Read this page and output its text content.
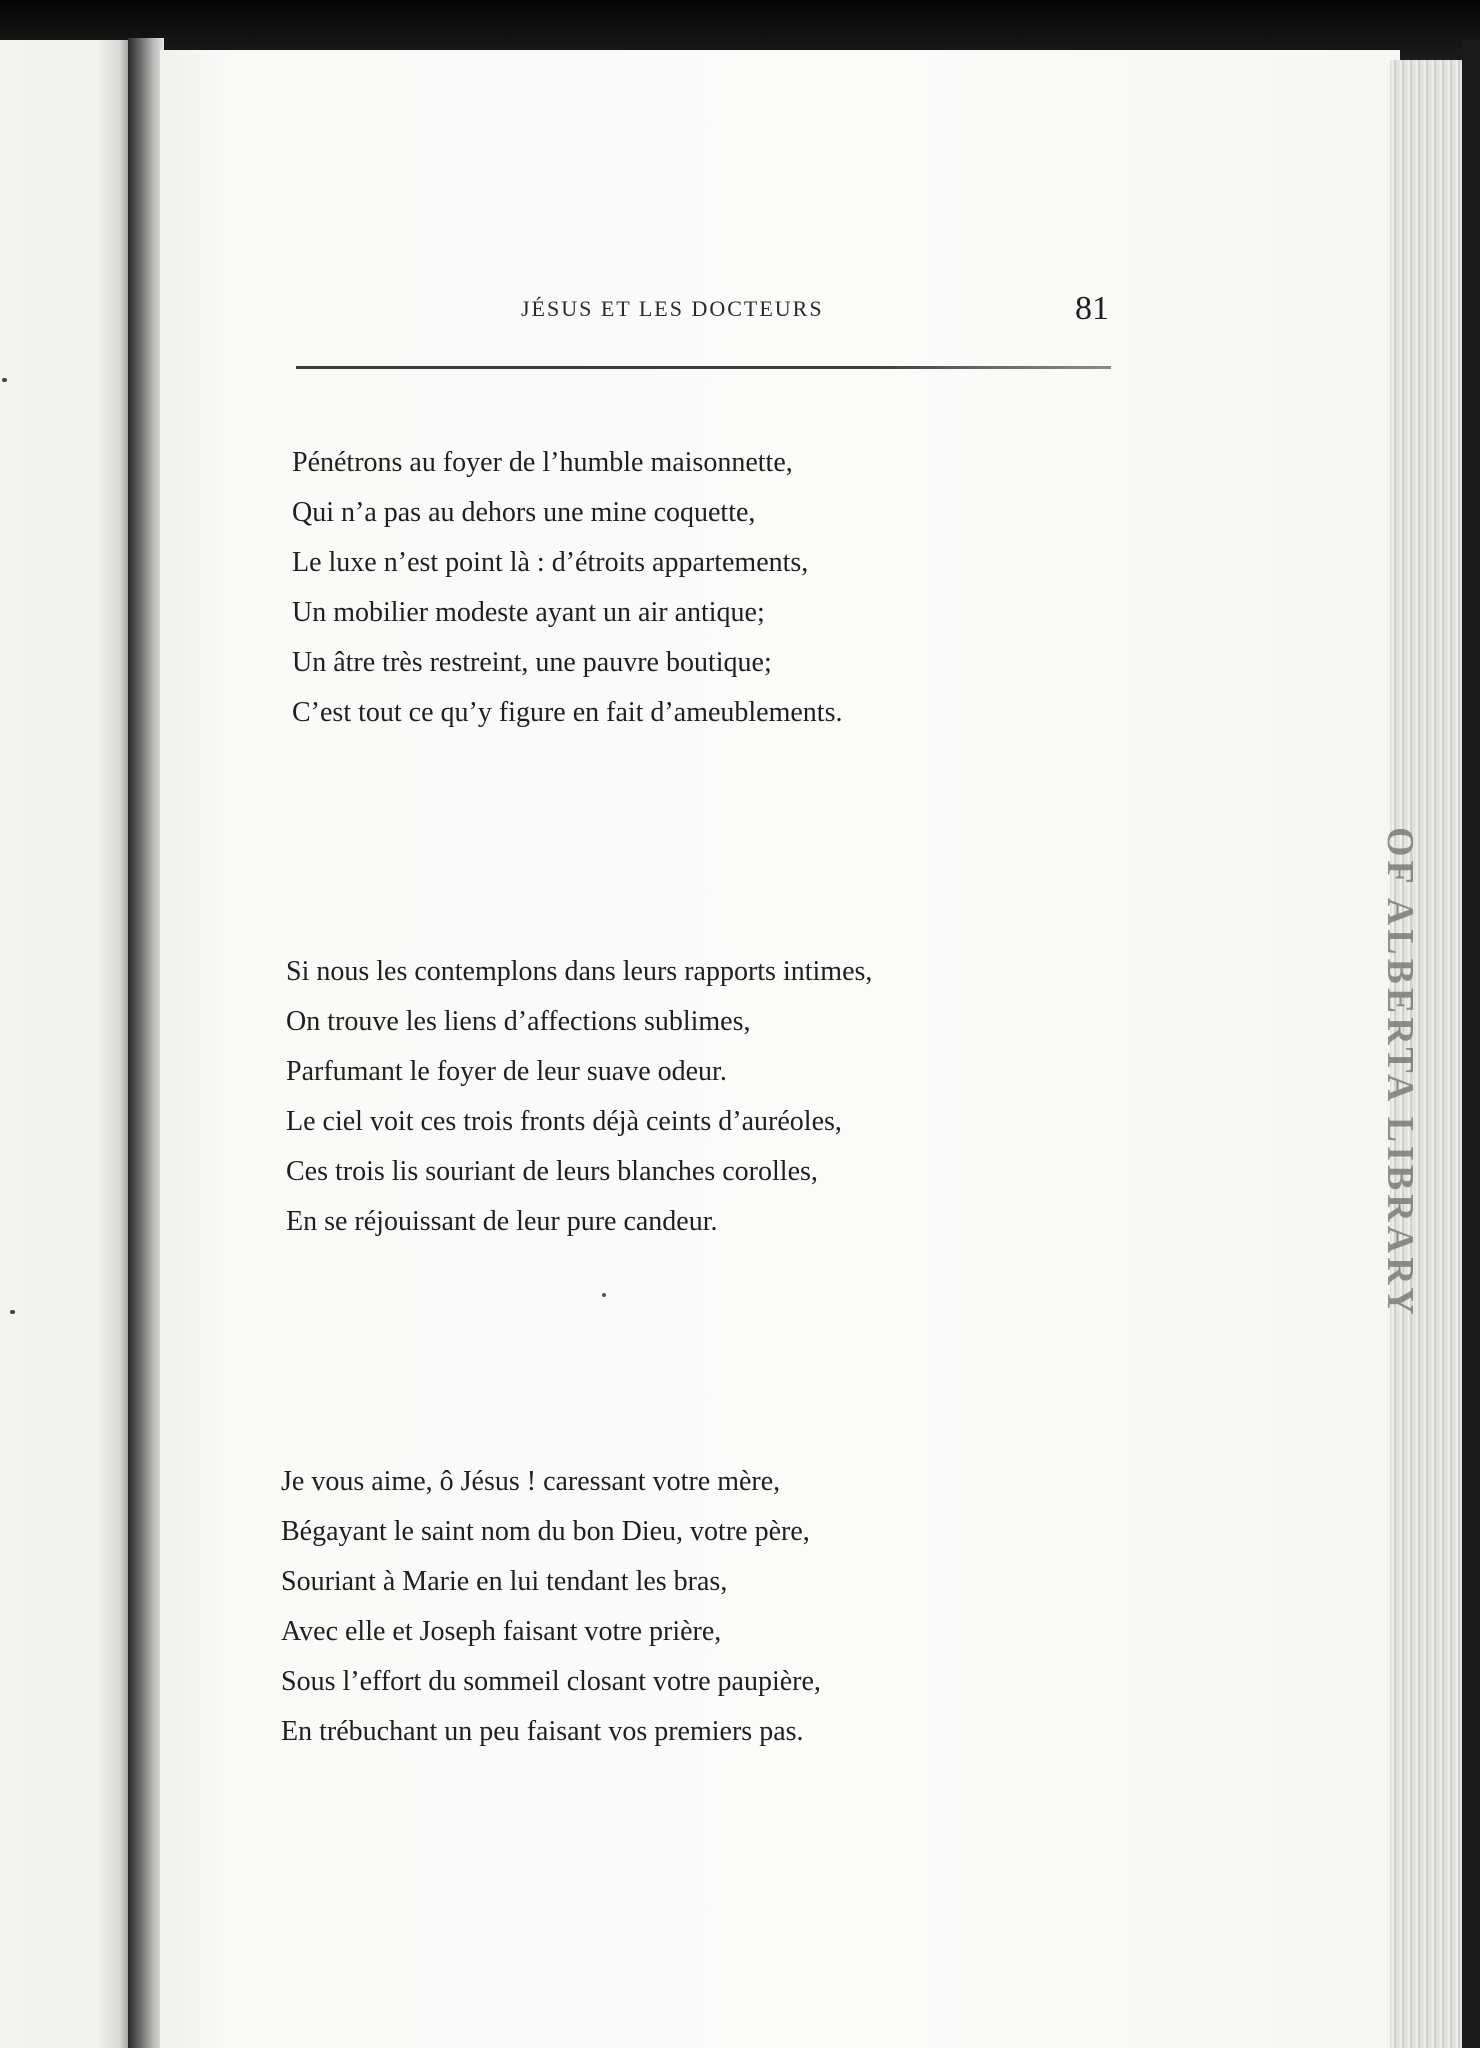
JÉSUS ET LES DOCTEURS	81
Pénétrons au foyer de l’humble maisonnette,
Qui n’a pas au dehors une mine coquette,
Le luxe n’est point là : d’étroits appartements,
Un mobilier modeste ayant un air antique;
Un âtre très restreint, une pauvre boutique;
C’est tout ce qu’y figure en fait d’ameublements.
Si nous les contemplons dans leurs rapports intimes,
On trouve les liens d’affections sublimes,
Parfumant le foyer de leur suave odeur.
Le ciel voit ces trois fronts déjà ceints d’auréoles,
Ces trois lis souriant de leurs blanches corolles,
En se réjouissant de leur pure candeur.
Je vous aime, ô Jésus ! caressant votre mère,
Bégayant le saint nom du bon Dieu, votre père,
Souriant à Marie en lui tendant les bras,
Avec elle et Joseph faisant votre prière,
Sous l’effort du sommeil closant votre paupière,
En trébuchant un peu faisant vos premiers pas.
OF ALBERTA LIBRARY
